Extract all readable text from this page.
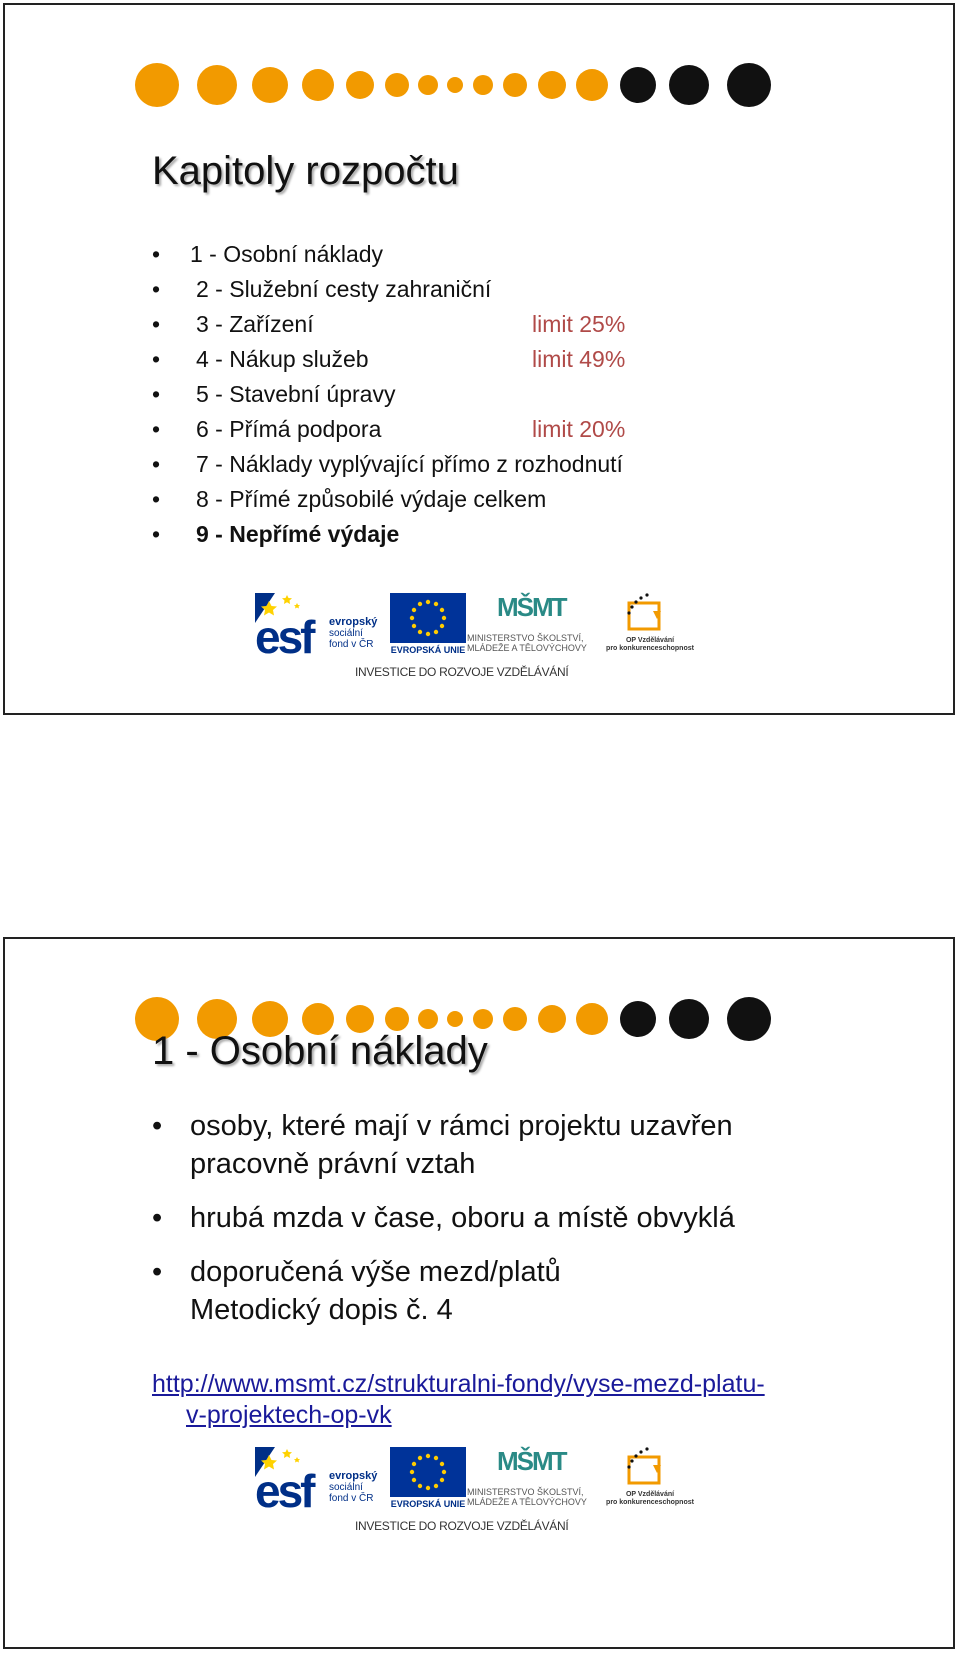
Kapitoly rozpočtu
• 1 - Osobní náklady
• 2 - Služební cesty zahraniční
• 3 - Zařízení	limit 25%
• 4 - Nákup služeb	limit 49%
• 5 - Stavební úpravy
• 6 - Přímá podpora	limit 20%
• 7 - Náklady vyplývající přímo z rozhodnutí
• 8 - Přímé způsobilé výdaje celkem
• 9 - Nepřímé výdaje
esf	evropský
sociální
fond v ČR	EVROPSKÁ UNIE
MŠMT
MINISTERSTVO ŠKOLSTVÍ,
MLÁDEŽE A TĚLOVÝCHOVY
OP Vzdělávání
pro konkurenceschopnost
INVESTICE DO ROZVOJE VZDĚLÁVÁNÍ
1 - Osobní náklady
• osoby, které mají v rámci projektu uzavřen
pracovně právní vztah
• hrubá mzda v čase, oboru a místě obvyklá
• doporučená výše mezd/platů
Metodický dopis č. 4
http://www.msmt.cz/strukturalni-fondy/vyse-mezd-platu-
v-projektech-op-vk
esf	evropský
sociální
fond v ČR	EVROPSKÁ UNIE
MŠMT
MINISTERSTVO ŠKOLSTVÍ,
MLÁDEŽE A TĚLOVÝCHOVY
OP Vzdělávání
pro konkurenceschopnost
INVESTICE DO ROZVOJE VZDĚLÁVÁNÍ
